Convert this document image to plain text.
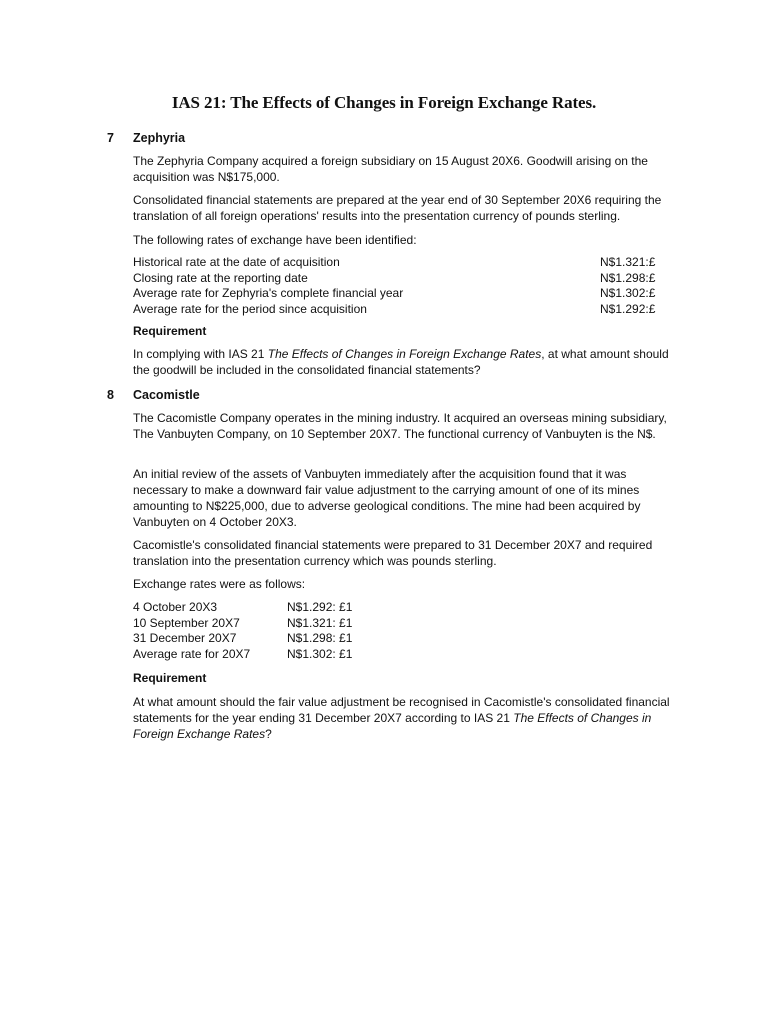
IAS 21: The Effects of Changes in Foreign Exchange Rates.
7 Zephyria

The Zephyria Company acquired a foreign subsidiary on 15 August 20X6. Goodwill arising on the acquisition was N$175,000.

Consolidated financial statements are prepared at the year end of 30 September 20X6 requiring the translation of all foreign operations' results into the presentation currency of pounds sterling.

The following rates of exchange have been identified:

Historical rate at the date of acquisition	N$1.321:£
Closing rate at the reporting date	N$1.298:£
Average rate for Zephyria's complete financial year	N$1.302:£
Average rate for the period since acquisition	N$1.292:£
Requirement

In complying with IAS 21 The Effects of Changes in Foreign Exchange Rates, at what amount should the goodwill be included in the consolidated financial statements?

8 Cacomistle

The Cacomistle Company operates in the mining industry. It acquired an overseas mining subsidiary, The Vanbuyten Company, on 10 September 20X7. The functional currency of Vanbuyten is the N$.

An initial review of the assets of Vanbuyten immediately after the acquisition found that it was necessary to make a downward fair value adjustment to the carrying amount of one of its mines amounting to N$225,000, due to adverse geological conditions. The mine had been acquired by Vanbuyten on 4 October 20X3.

Cacomistle's consolidated financial statements were prepared to 31 December 20X7 and required translation into the presentation currency which was pounds sterling.

Exchange rates were as follows:

4 October 20X3	N$1.292: £1
10 September 20X7	N$1.321: £1
31 December 20X7	N$1.298: £1
Average rate for 20X7	N$1.302: £1
Requirement

At what amount should the fair value adjustment be recognised in Cacomistle's consolidated financial statements for the year ending 31 December 20X7 according to IAS 21 The Effects of Changes in Foreign Exchange Rates?
